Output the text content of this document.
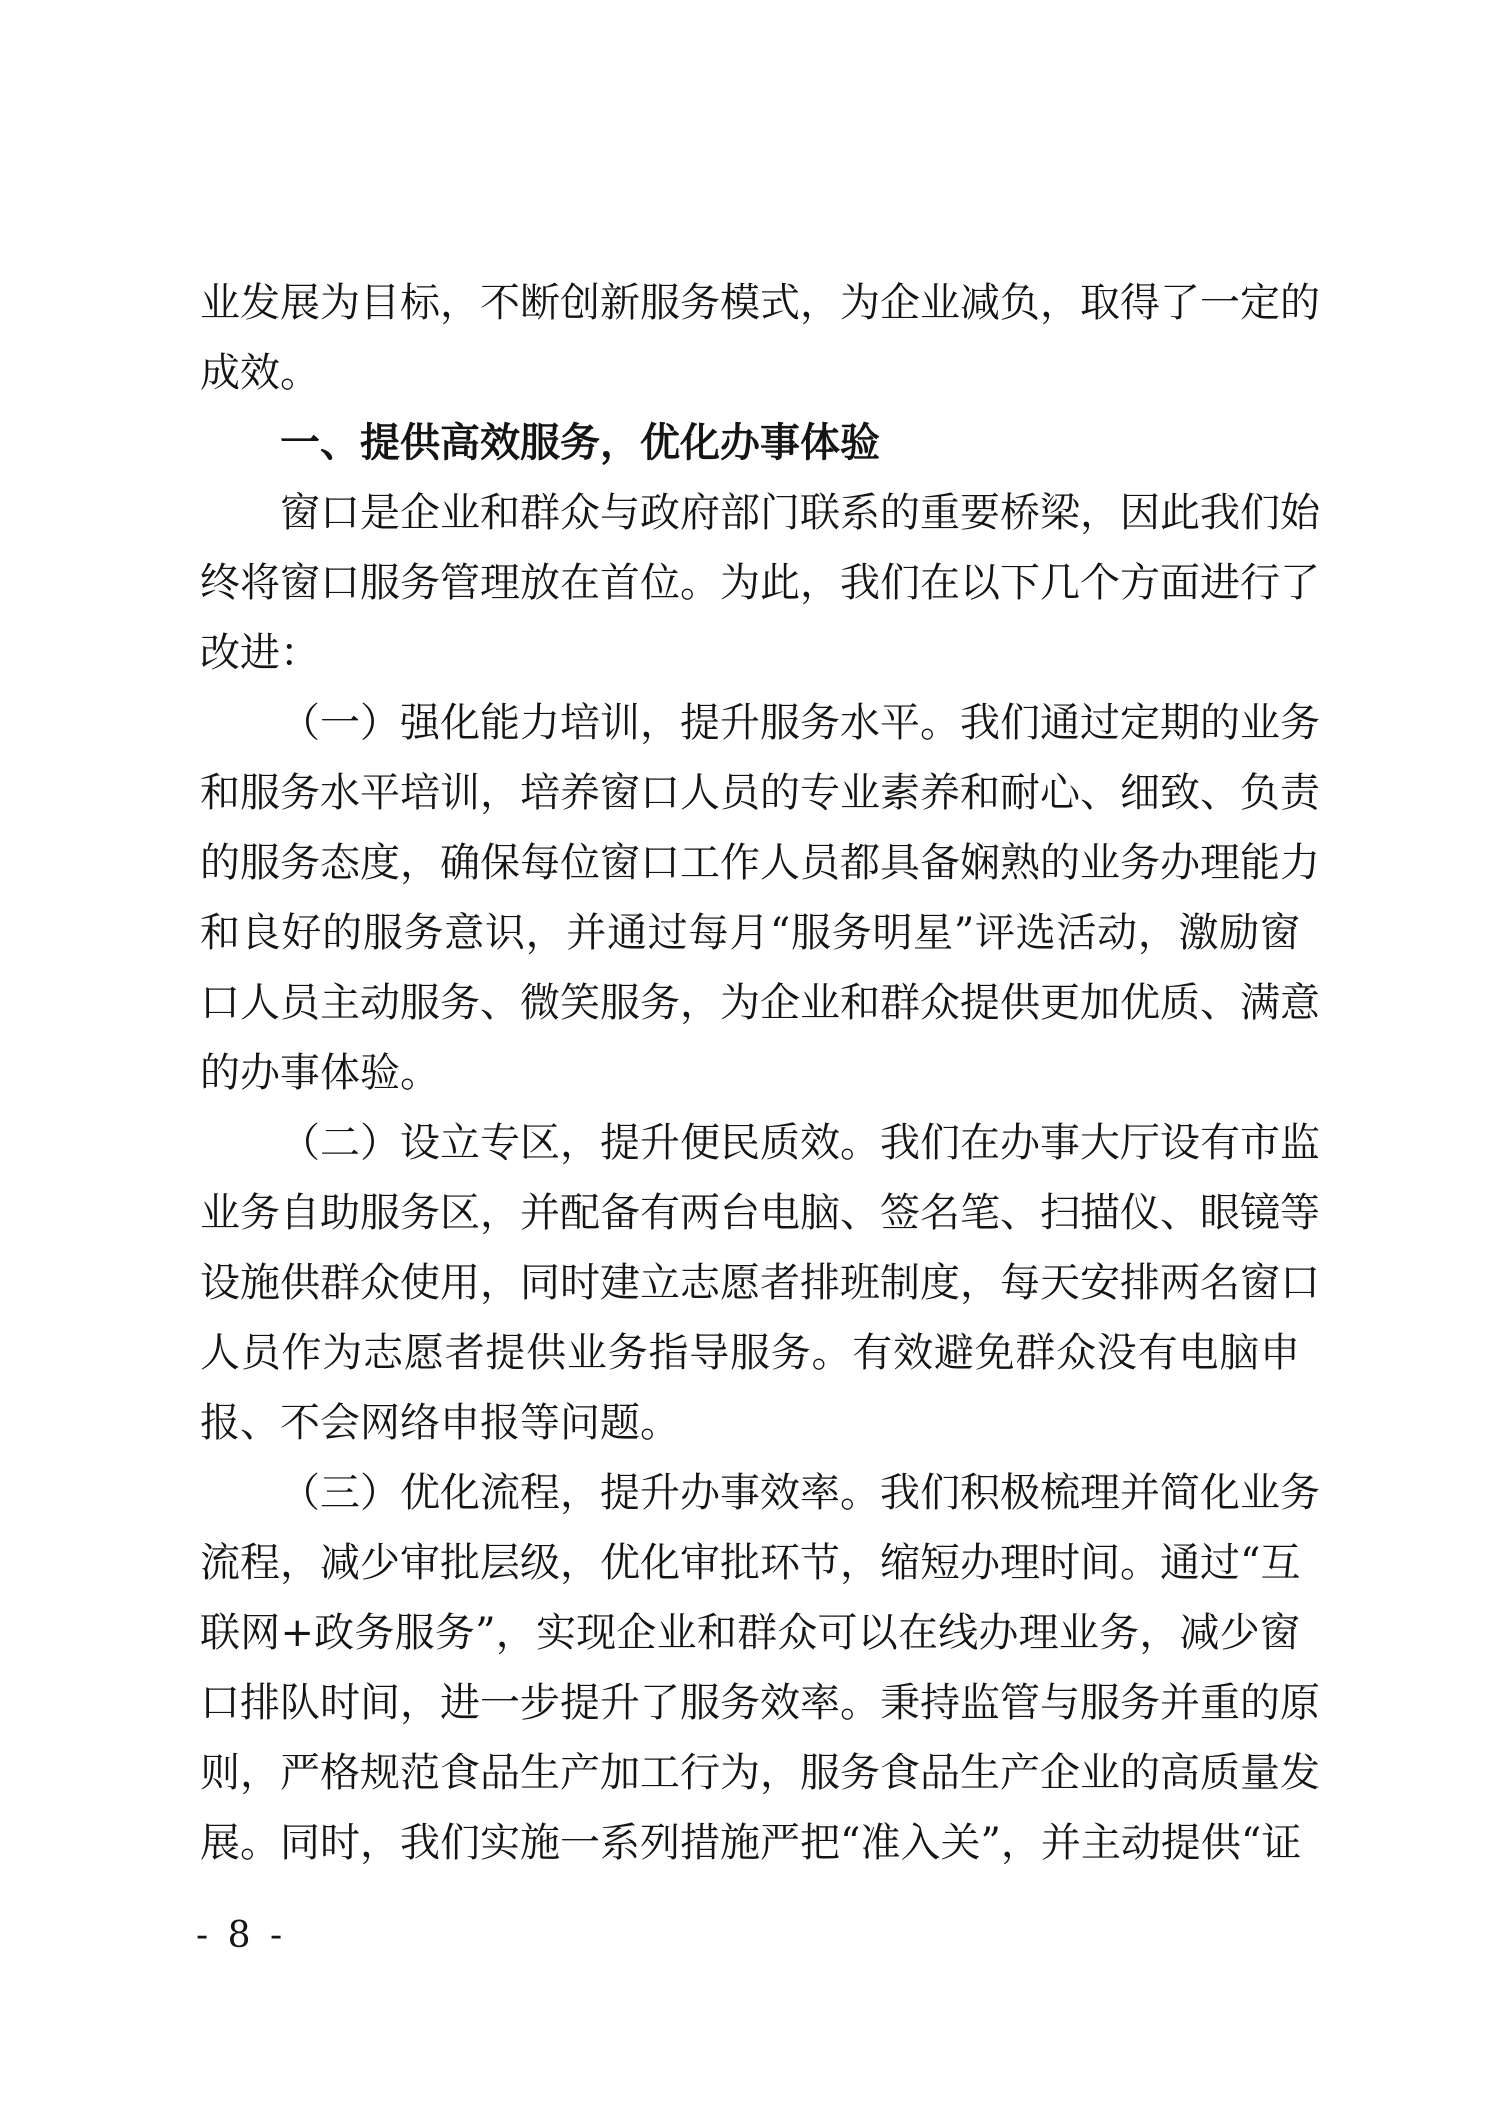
业发展为目标，不断创新服务模式，为企业减负，取得了一定的
成效。
一、提供高效服务，优化办事体验
窗口是企业和群众与政府部门联系的重要桥梁，因此我们始
终将窗口服务管理放在首位。为此，我们在以下几个方面进行了
改进：
（一）强化能力培训，提升服务水平。我们通过定期的业务
和服务水平培训，培养窗口人员的专业素养和耐心、细致、负责
的服务态度，确保每位窗口工作人员都具备娴熟的业务办理能力
和良好的服务意识，并通过每月“服务明星”评选活动，激励窗
口人员主动服务、微笑服务，为企业和群众提供更加优质、满意
的办事体验。
（二）设立专区，提升便民质效。我们在办事大厅设有市监
业务自助服务区，并配备有两台电脑、签名笔、扫描仪、眼镜等
设施供群众使用，同时建立志愿者排班制度，每天安排两名窗口
人员作为志愿者提供业务指导服务。有效避免群众没有电脑申
报、不会网络申报等问题。
（三）优化流程，提升办事效率。我们积极梳理并简化业务
流程，减少审批层级，优化审批环节，缩短办理时间。通过“互
联网+政务服务”，实现企业和群众可以在线办理业务，减少窗
口排队时间，进一步提升了服务效率。秉持监管与服务并重的原
则，严格规范食品生产加工行为，服务食品生产企业的高质量发
展。同时，我们实施一系列措施严把“准入关”，并主动提供“证
- 8 -
